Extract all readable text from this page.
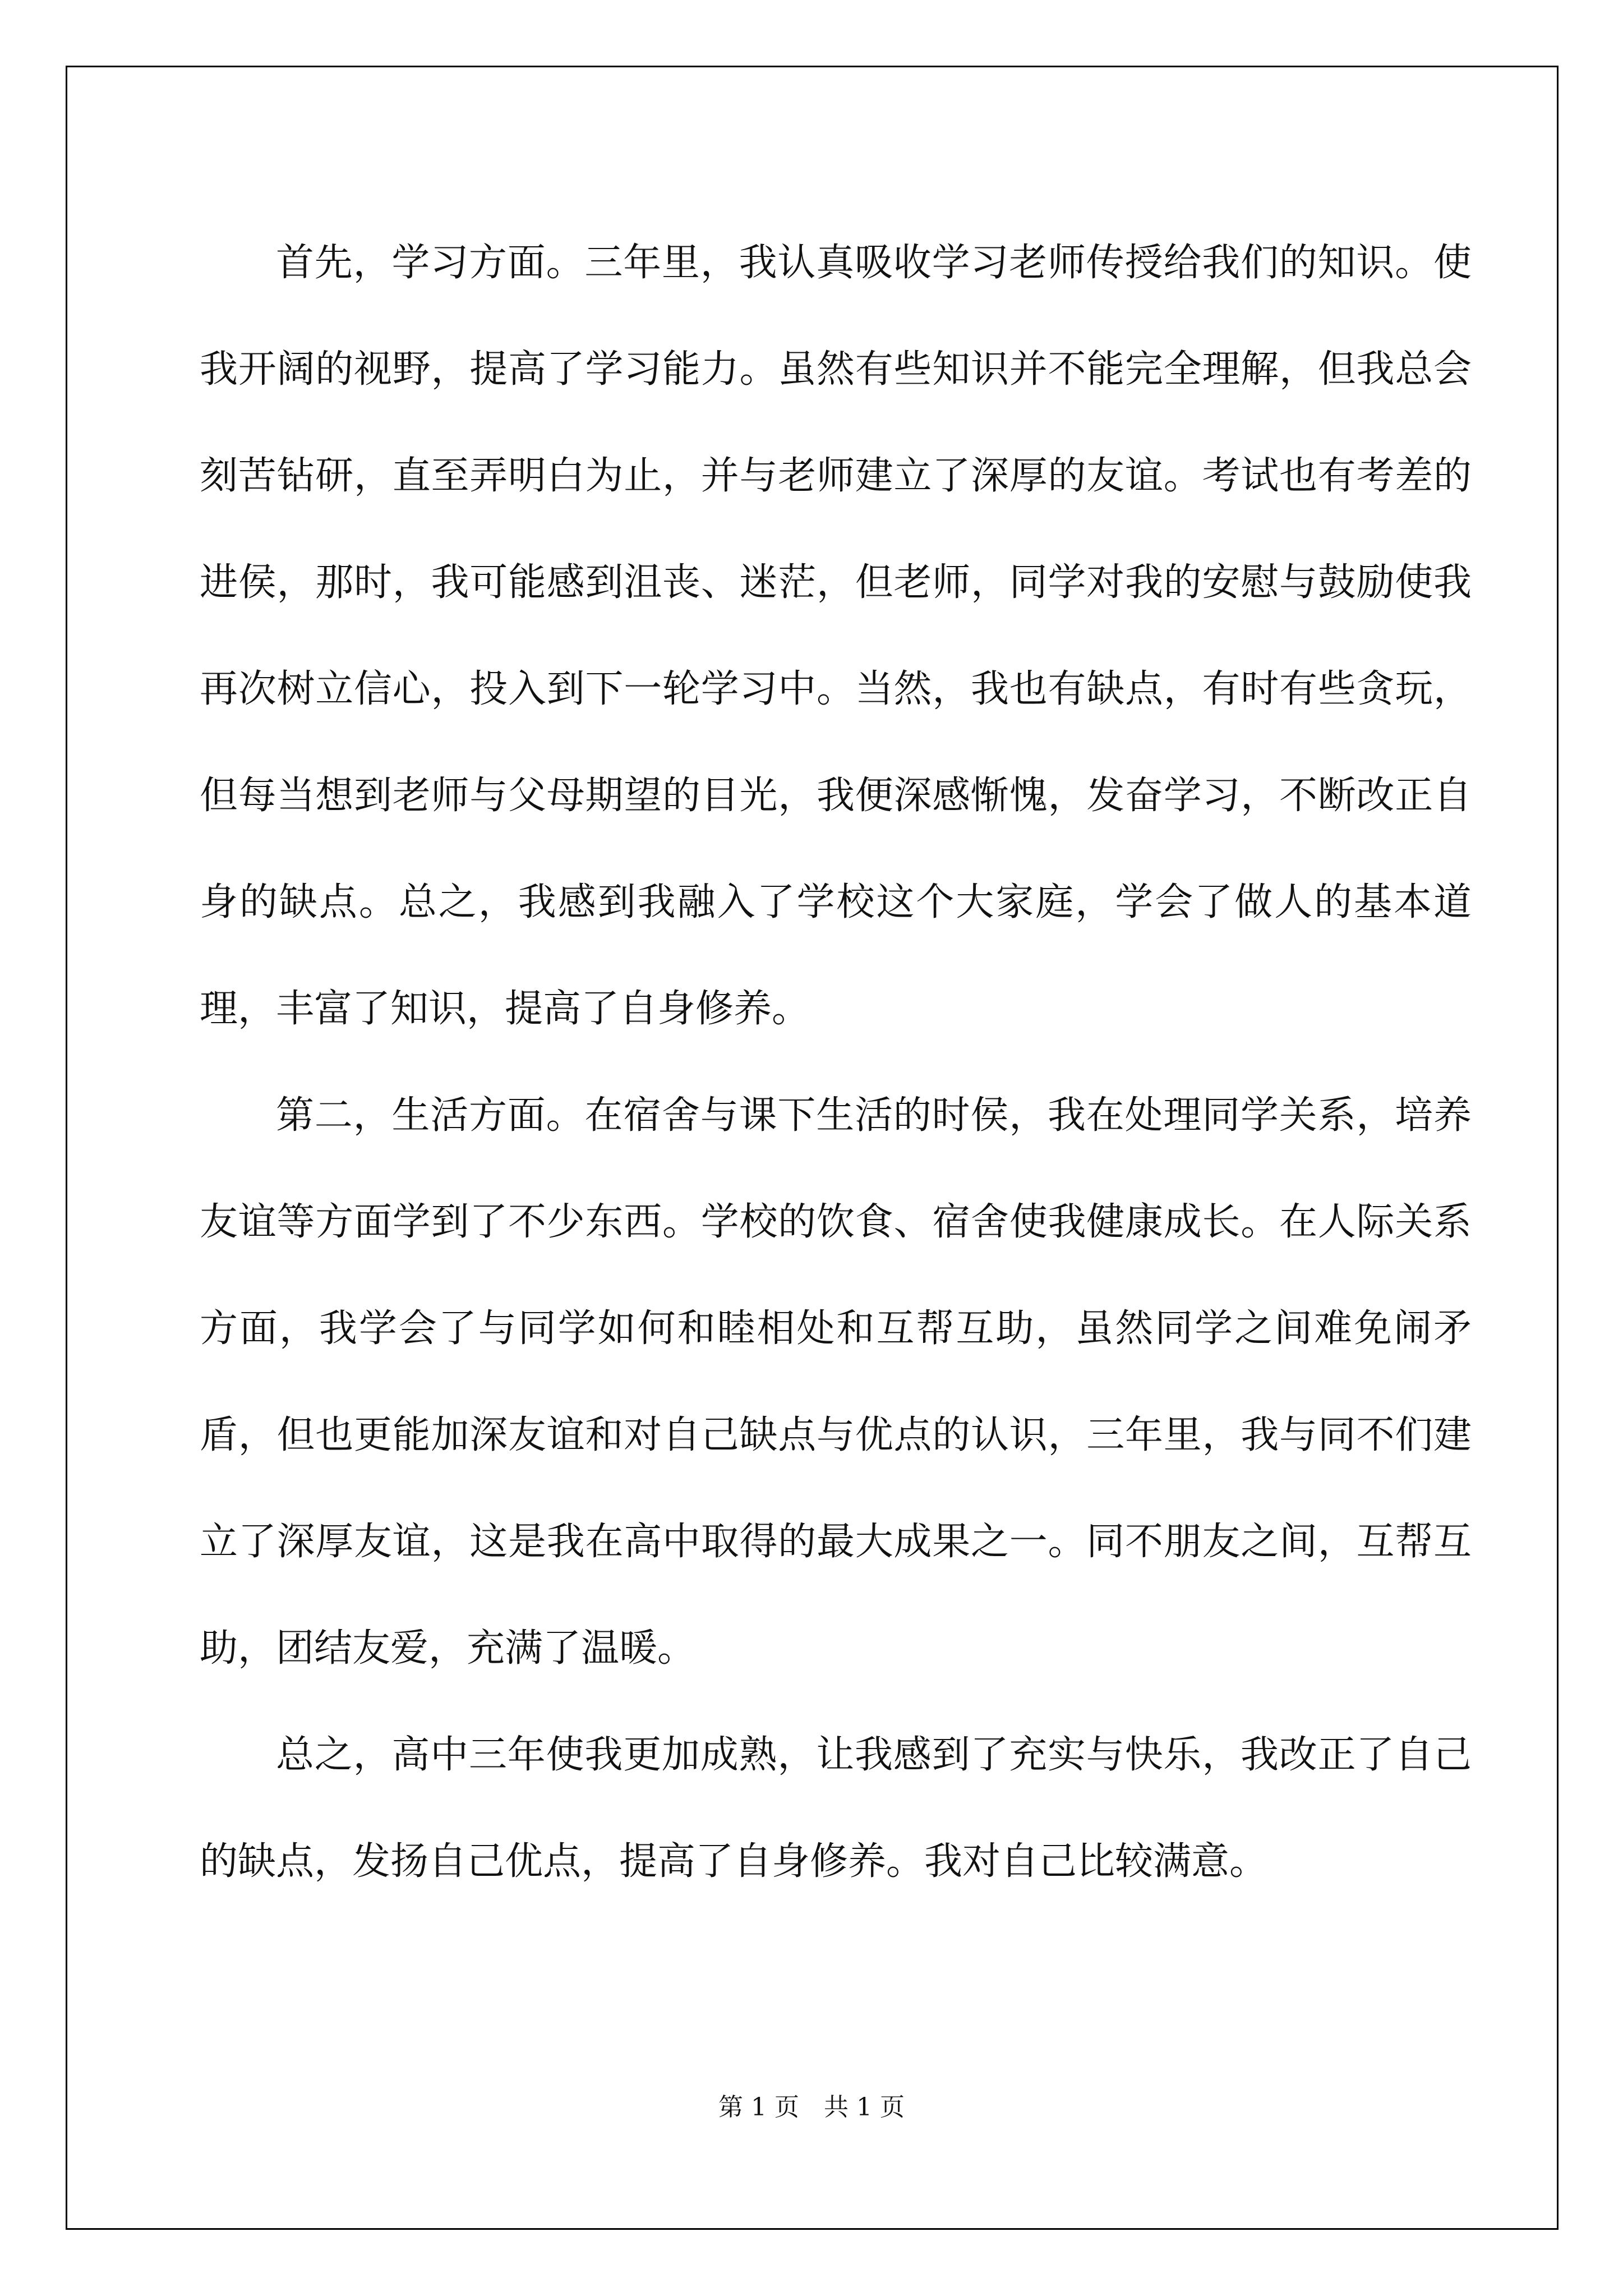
首先，学习方面。三年里，我认真吸收学习老师传授给我们的知识。使我开阔的视野，提高了学习能力。虽然有些知识并不能完全理解，但我总会刻苦钻研，直至弄明白为止，并与老师建立了深厚的友谊。考试也有考差的进侯，那时，我可能感到沮丧、迷茫，但老师，同学对我的安慰与鼓励使我再次树立信心，投入到下一轮学习中。当然，我也有缺点，有时有些贪玩，但每当想到老师与父母期望的目光，我便深感惭愧，发奋学习，不断改正自身的缺点。总之，我感到我融入了学校这个大家庭，学会了做人的基本道理，丰富了知识，提高了自身修养。

第二，生活方面。在宿舍与课下生活的时侯，我在处理同学关系，培养友谊等方面学到了不少东西。学校的饮食、宿舍使我健康成长。在人际关系方面，我学会了与同学如何和睦相处和互帮互助，虽然同学之间难免闹矛盾，但也更能加深友谊和对自己缺点与优点的认识，三年里，我与同不们建立了深厚友谊，这是我在高中取得的最大成果之一。同不朋友之间，互帮互助，团结友爱，充满了温暖。

总之，高中三年使我更加成熟，让我感到了充实与快乐，我改正了自己的缺点，发扬自己优点，提高了自身修养。我对自己比较满意。

第 1 页　共 1 页
